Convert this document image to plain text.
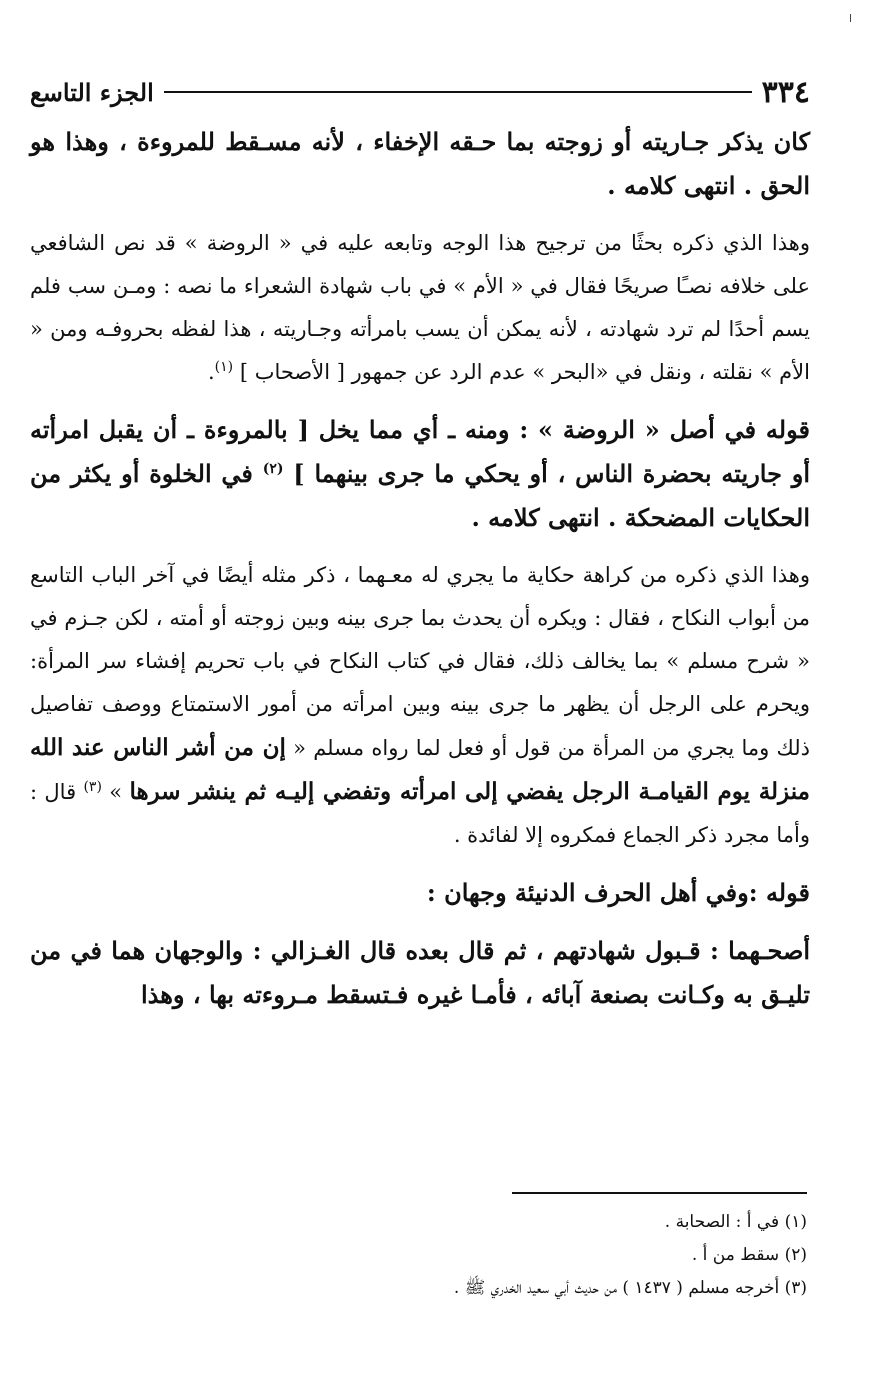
٣٣٤
الجزء التاسع

كان يذكر جـاريته أو زوجته بما حـقه الإخفاء ، لأنه مسـقط للمروءة ، وهذا هو الحق . انتهى كلامه .

وهذا الذي ذكره بحثًا من ترجيح هذا الوجه وتابعه عليه في « الروضة » قد نص الشافعي على خلافه نصـًا صريحًا فقال في « الأم » في باب شهادة الشعراء ما نصه : ومـن سب فلم يسم أحدًا لم ترد شهادته ، لأنه يمكن أن يسب بامرأته وجـاريته ، هذا لفظه بحروفـه ومن « الأم » نقلته ، ونقل في «البحر » عدم الرد عن جمهور [ الأصحاب ] $^{(١)}$.

قوله في أصل « الروضة » : ومنه ـ أي مما يخل [ بالمروءة ـ أن يقبل امرأته أو جاريته بحضرة الناس ، أو يحكي ما جرى بينهما ] $^{(٢)}$ في الخلوة أو يكثر من الحكايات المضحكة . انتهى كلامه .

وهذا الذي ذكره من كراهة حكاية ما يجري له معـهما ، ذكر مثله أيضًا في آخر الباب التاسع من أبواب النكاح ، فقال : ويكره أن يحدث بما جرى بينه وبين زوجته أو أمته ، لكن جـزم في « شرح مسلم » بما يخالف ذلك، فقال في كتاب النكاح في باب تحريم إفشاء سر المرأة: ويحرم على الرجل أن يظهر ما جرى بينه وبين امرأته من أمور الاستمتاع ووصف تفاصيل ذلك وما يجري من المرأة من قول أو فعل لما رواه مسلم « إن من أشر الناس عند الله منزلة يوم القيامـة الرجل يفضي إلى امرأته وتفضي إليـه ثم ينشر سرها » $^{(٣)}$ قال : وأما مجرد ذكر الجماع فمكروه إلا لفائدة .

قوله :وفي أهل الحرف الدنيئة وجهان :

أصحـهما : قـبول شهادتهم ، ثم قال بعده قال الغـزالي : والوجهان هما في من تليـق به وكـانت بصنعة آبائه ، فأمـا غيره فـتسقط مـروءته بها ، وهذا

(١) في أ : الصحابة .
(٢) سقط من أ .
(٣) أخرجه مسلم ( ١٤٣٧ ) من حديث أبي سعيد الخدري ﷺ .
